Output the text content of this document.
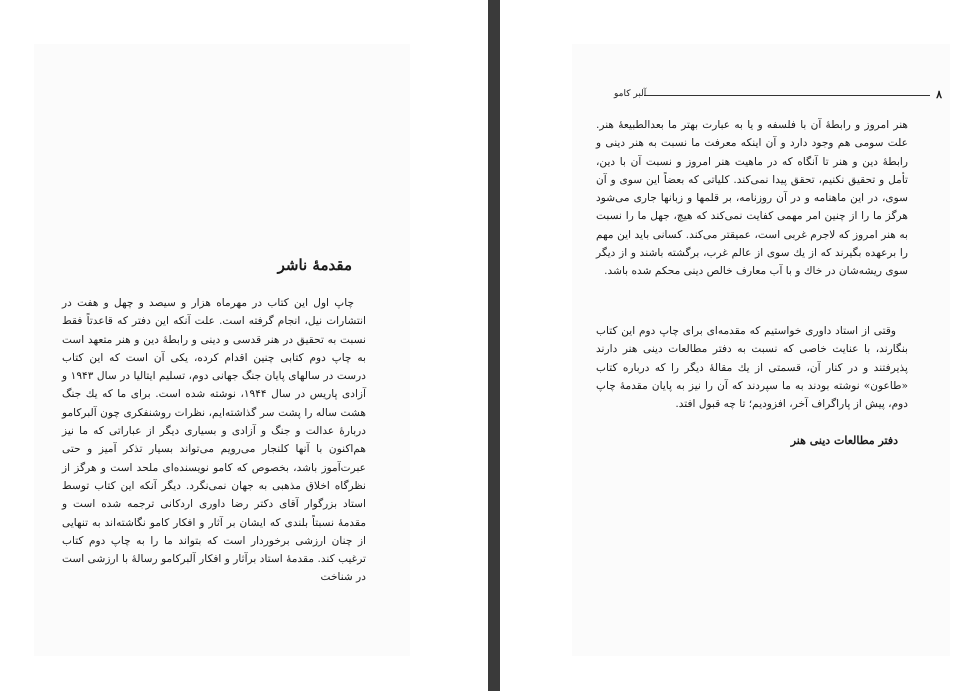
مقدمهٔ ناشر

چاپ اول این کتاب در مهرماه هزار و سیصد و چهل و هفت در انتشارات نیل، انجام گرفته است. علت آنکه این دفتر که قاعدتاً فقط نسبت به تحقیق در هنر قدسی و دینی و رابطهٔ دین و هنر متعهد است به چاپ دوم کتابی چنین اقدام کرده، یکی آن است که این کتاب درست در سالهای پایان جنگ جهانی دوم، تسلیم ایتالیا در سال ۱۹۴۳ و آزادی پاریس در سال ۱۹۴۴، نوشته شده است. برای ما که یك جنگ هشت ساله را پشت سر گذاشته‌ایم، نظرات روشنفکری چون آلبرکامو دربارهٔ عدالت و جنگ و آزادی و بسیاری دیگر از عباراتی که ما نیز هم‌اکنون با آنها کلنجار می‌رویم می‌تواند بسیار تذکر آمیز و حتی عبرت‌آموز باشد، بخصوص که کامو نویسنده‌ای ملحد است و هرگز از نظرگاه اخلاق مذهبی به جهان نمی‌نگرد. دیگر آنکه این کتاب توسط استاد بزرگوار آقای دکتر رضا داوری اردکانی ترجمه شده است و مقدمهٔ نسبتاً بلندی که ایشان بر آثار و افکار کامو نگاشته‌اند به تنهایی از چنان ارزشی برخوردار است که بتواند ما را به چاپ دوم کتاب ترغیب کند. مقدمهٔ استاد برآثار و افکار آلبرکامو رسالهٔ با ارزشی است در شناخت

۸
آلبر کامو

هنر امروز و رابطهٔ آن با فلسفه و یا به عبارت بهتر ما بعدالطبیعهٔ هنر. علت سومی هم وجود دارد و آن اینکه معرفت ما نسبت به هنر دینی و رابطهٔ دین و هنر تا آنگاه که در ماهیت هنر امروز و نسبت آن با دین، تأمل و تحقیق نکنیم، تحقق پیدا نمی‌کند. کلیاتی که بعضاً این سوی و آن سوی، در این ماهنامه و در آن روزنامه، بر قلمها و زبانها جاری می‌شود هرگز ما را از چنین امر مهمی کفایت نمی‌کند که هیچ، جهل ما را نسبت به هنر امروز که لاجرم غربی است، عمیقتر می‌کند. کسانی باید این مهم را برعهده بگیرند که از یك سوی از عالم غرب، برگشته باشند و از دیگر سوی ریشه‌شان در خاك و با آب معارف خالص دینی محکم شده باشد.

وقتی از استاد داوری خواستیم که مقدمه‌ای برای چاپ دوم این کتاب بنگارند، با عنایت خاصی که نسبت به دفتر مطالعات دینی هنر دارند پذیرفتند و در کنار آن، قسمتی از یك مقالهٔ دیگر را که درباره کتاب «طاعون» نوشته بودند به ما سپردند که آن را نیز به پایان مقدمهٔ چاپ دوم، پیش از پاراگراف آخر، افزودیم؛ تا چه قبول افتد.

دفتر مطالعات دینی هنر
